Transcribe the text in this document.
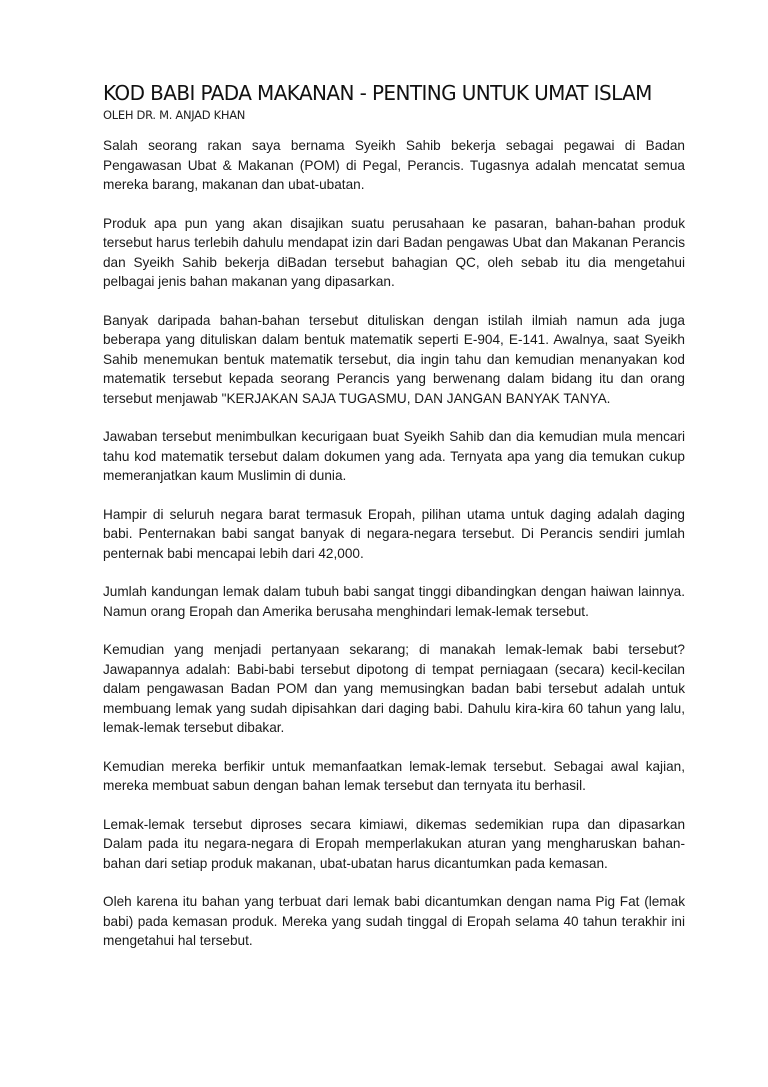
KOD BABI PADA MAKANAN - PENTING UNTUK UMAT ISLAM
OLEH DR. M. ANJAD KHAN

Salah seorang rakan saya bernama Syeikh Sahib bekerja sebagai pegawai di Badan Pengawasan Ubat & Makanan (POM) di Pegal, Perancis. Tugasnya adalah mencatat semua mereka barang, makanan dan ubat-ubatan.

Produk apa pun yang akan disajikan suatu perusahaan ke pasaran, bahan-bahan produk tersebut harus terlebih dahulu mendapat izin dari Badan pengawas Ubat dan Makanan Perancis dan Syeikh Sahib bekerja diBadan tersebut bahagian QC, oleh sebab itu dia mengetahui pelbagai jenis bahan makanan yang dipasarkan.

Banyak daripada bahan-bahan tersebut dituliskan dengan istilah ilmiah namun ada juga beberapa yang dituliskan dalam bentuk matematik seperti E-904, E-141. Awalnya, saat Syeikh Sahib menemukan bentuk matematik tersebut, dia ingin tahu dan kemudian menanyakan kod matematik tersebut kepada seorang Perancis yang berwenang dalam bidang itu dan orang tersebut menjawab "KERJAKAN SAJA TUGASMU, DAN JANGAN BANYAK TANYA.

Jawaban tersebut menimbulkan kecurigaan buat Syeikh Sahib dan dia kemudian mula mencari tahu kod matematik tersebut dalam dokumen yang ada. Ternyata apa yang dia temukan cukup memeranjatkan kaum Muslimin di dunia.

Hampir di seluruh negara barat termasuk Eropah, pilihan utama untuk daging adalah daging babi. Penternakan babi sangat banyak di negara-negara tersebut. Di Perancis sendiri jumlah penternak babi mencapai lebih dari 42,000.

Jumlah kandungan lemak dalam tubuh babi sangat tinggi dibandingkan dengan haiwan lainnya. Namun orang Eropah dan Amerika berusaha menghindari lemak-lemak tersebut.

Kemudian yang menjadi pertanyaan sekarang; di manakah lemak-lemak babi tersebut? Jawapannya adalah: Babi-babi tersebut dipotong di tempat perniagaan (secara) kecil-kecilan dalam pengawasan Badan POM dan yang memusingkan badan babi tersebut adalah untuk membuang lemak yang sudah dipisahkan dari daging babi. Dahulu kira-kira 60 tahun yang lalu, lemak-lemak tersebut dibakar.

Kemudian mereka berfikir untuk memanfaatkan lemak-lemak tersebut. Sebagai awal kajian, mereka membuat sabun dengan bahan lemak tersebut dan ternyata itu berhasil.

Lemak-lemak tersebut diproses secara kimiawi, dikemas sedemikian rupa dan dipasarkan Dalam pada itu negara-negara di Eropah memperlakukan aturan yang mengharuskan bahan-bahan dari setiap produk makanan, ubat-ubatan harus dicantumkan pada kemasan.

Oleh karena itu bahan yang terbuat dari lemak babi dicantumkan dengan nama Pig Fat (lemak babi) pada kemasan produk. Mereka yang sudah tinggal di Eropah selama 40 tahun terakhir ini mengetahui hal tersebut.
